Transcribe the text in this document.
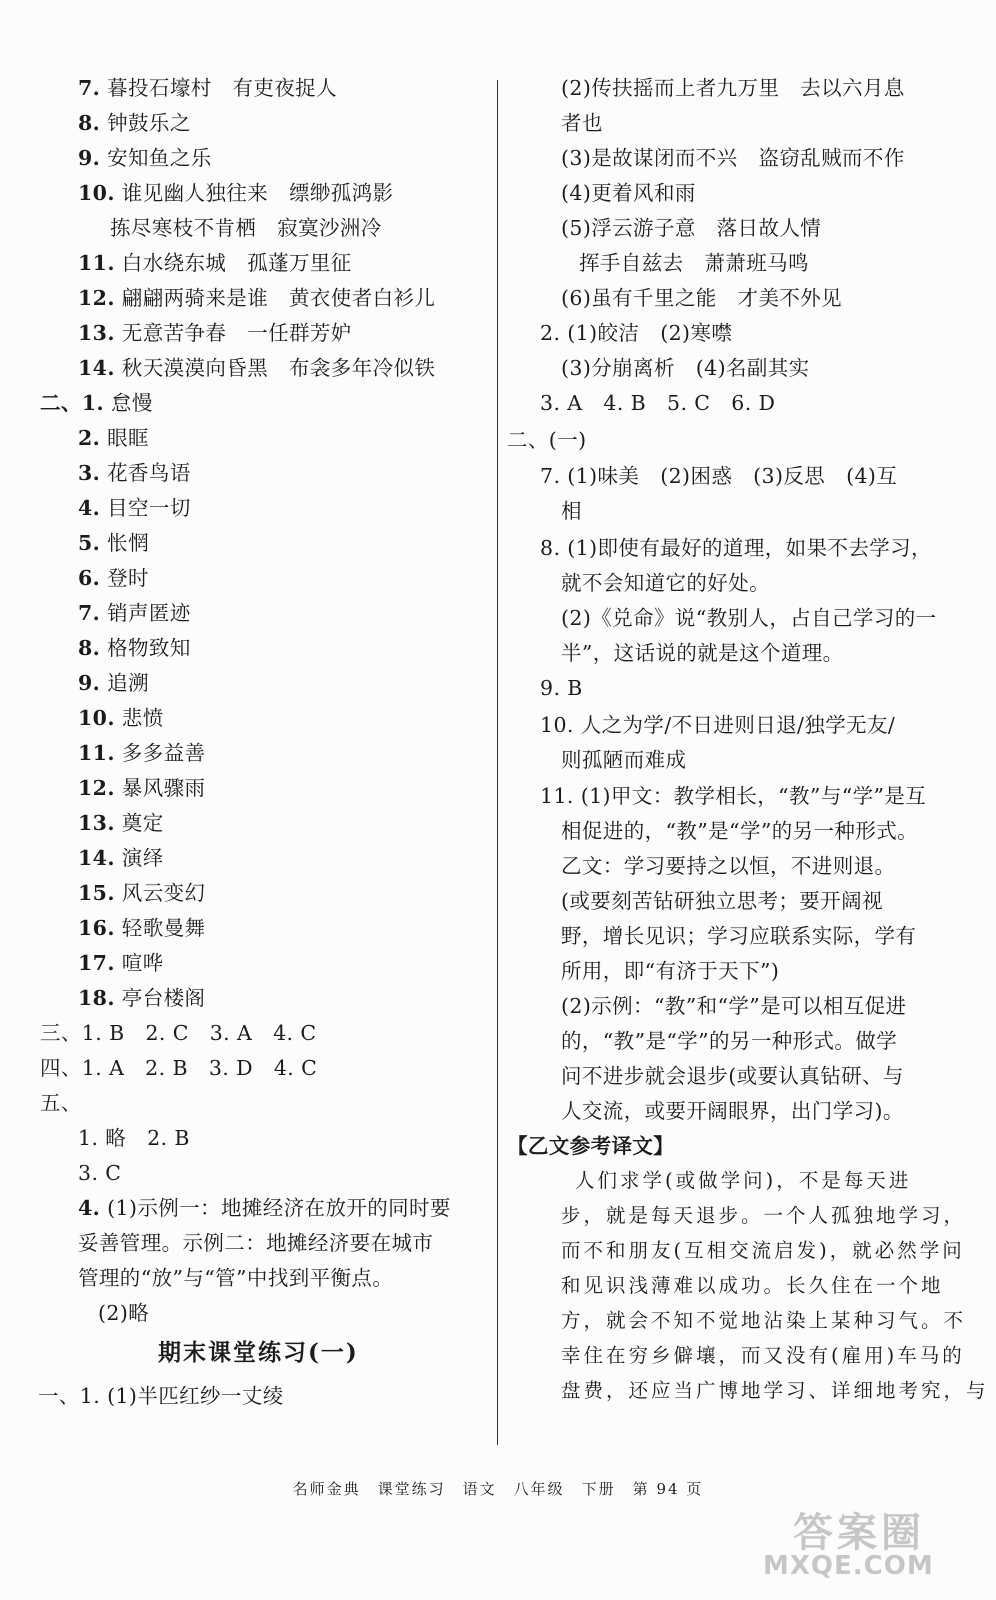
7. 暮投石壕村　有吏夜捉人
8. 钟鼓乐之
9. 安知鱼之乐
10. 谁见幽人独往来　缥缈孤鸿影
拣尽寒枝不肯栖　寂寞沙洲冷
11. 白水绕东城　孤蓬万里征
12. 翩翩两骑来是谁　黄衣使者白衫儿
13. 无意苦争春　一任群芳妒
14. 秋天漠漠向昏黑　布衾多年冷似铁
二、1. 怠慢
2. 眼眶
3. 花香鸟语
4. 目空一切
5. 怅惘
6. 登时
7. 销声匿迹
8. 格物致知
9. 追溯
10. 悲愤
11. 多多益善
12. 暴风骤雨
13. 奠定
14. 演绎
15. 风云变幻
16. 轻歌曼舞
17. 喧哗
18. 亭台楼阁
三、1. B　2. C　3. A　4. C
四、1. A　2. B　3. D　4. C
五、
1. 略　2. B
3. C
4. (1)示例一：地摊经济在放开的同时要
妥善管理。示例二：地摊经济要在城市
管理的“放”与“管”中找到平衡点。
(2)略
期末课堂练习(一)
一、1. (1)半匹红纱一丈绫
(2)传扶摇而上者九万里　去以六月息
者也
(3)是故谋闭而不兴　盗窃乱贼而不作
(4)更着风和雨
(5)浮云游子意　落日故人情
挥手自兹去　萧萧班马鸣
(6)虽有千里之能　才美不外见
2. (1)皎洁　(2)寒噤
(3)分崩离析　(4)名副其实
3. A　4. B　5. C　6. D
二、(一)
7. (1)味美　(2)困惑　(3)反思　(4)互
相
8. (1)即使有最好的道理，如果不去学习，
就不会知道它的好处。
(2)《兑命》说“教别人，占自己学习的一
半”，这话说的就是这个道理。
9. B
10. 人之为学/不日进则日退/独学无友/
则孤陋而难成
11. (1)甲文：教学相长，“教”与“学”是互
相促进的，“教”是“学”的另一种形式。
乙文：学习要持之以恒，不进则退。
(或要刻苦钻研独立思考；要开阔视
野，增长见识；学习应联系实际，学有
所用，即“有济于天下”)
(2)示例：“教”和“学”是可以相互促进
的，“教”是“学”的另一种形式。做学
问不进步就会退步(或要认真钻研、与
人交流，或要开阔眼界，出门学习)。
【乙文参考译文】
人们求学(或做学问)，不是每天进
步，就是每天退步。一个人孤独地学习，
而不和朋友(互相交流启发)，就必然学问
和见识浅薄难以成功。长久住在一个地
方，就会不知不觉地沾染上某种习气。不
幸住在穷乡僻壤，而又没有(雇用)车马的
盘费，还应当广博地学习、详细地考究，与
名师金典　课堂练习　语文　八年级　下册　第 94 页
答案圈
MXQE.COM
